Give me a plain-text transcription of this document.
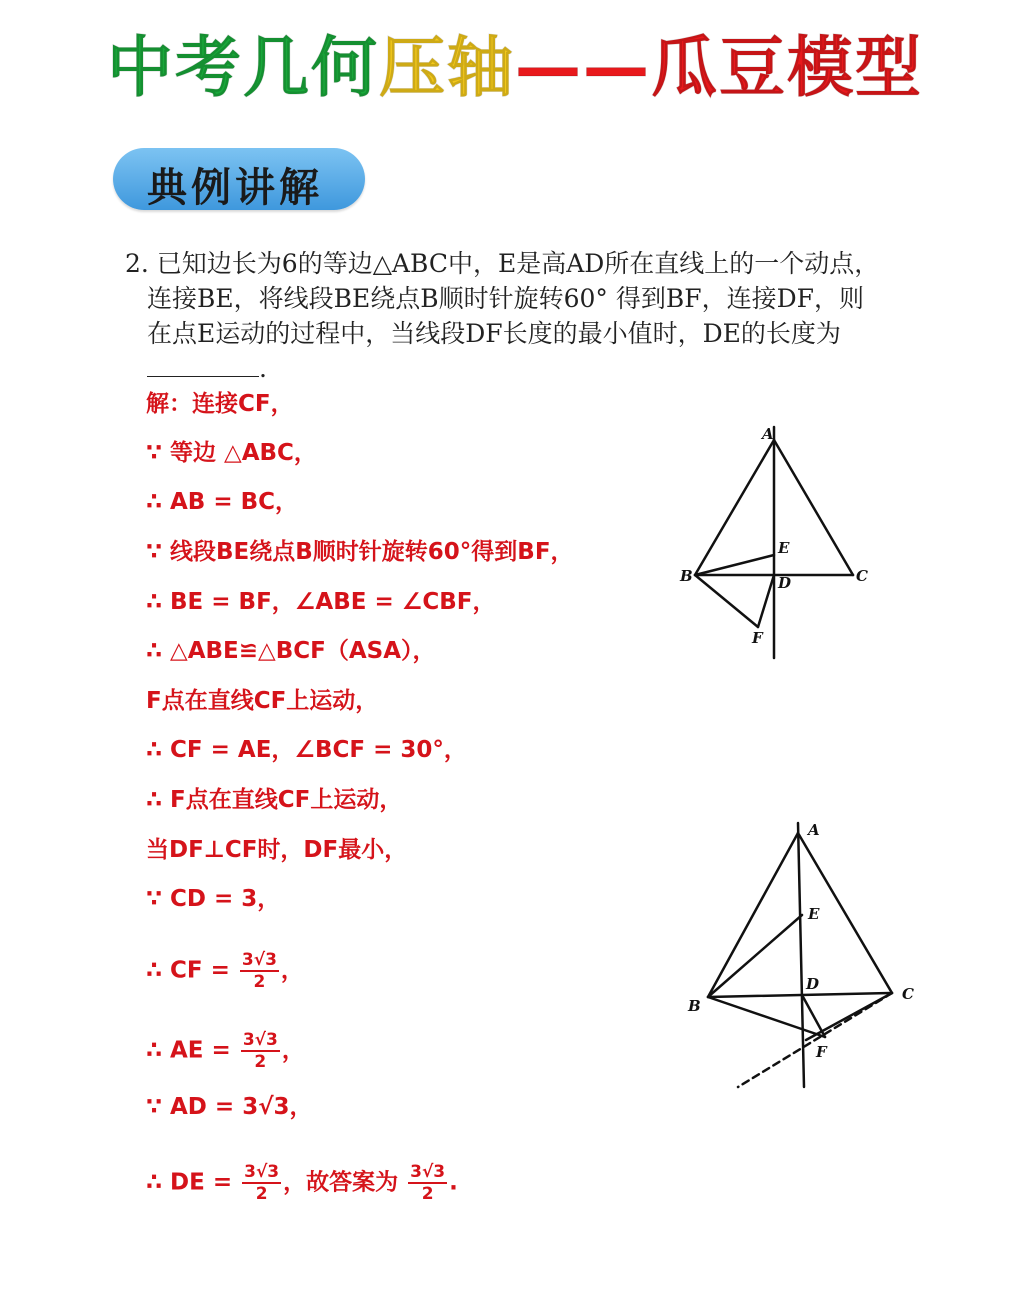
中考几何压轴——瓜豆模型
典例讲解
2. 已知边长为6的等边△ABC中，E是高AD所在直线上的一个动点，
连接BE，将线段BE绕点B顺时针旋转60° 得到BF，连接DF，则
在点E运动的过程中，当线段DF长度的最小值时，DE的长度为
.
解：连接CF，
∵ 等边 △ABC，
∴ AB = BC，
∵ 线段BE绕点B顺时针旋转60°得到BF，
∴ BE = BF，∠ABE = ∠CBF，
∴ △ABE≌△BCF（ASA），
F点在直线CF上运动，
∴ CF = AE，∠BCF = 30°，
∴ F点在直线CF上运动，
当DF⊥CF时，DF最小，
∵ CD = 3，
∴ CF = $\frac{3√3}{2}$ ，
∴ AE = $\frac{3√3}{2}$ ，
∵ AD = 3√3，
∴ DE = $\frac{3√3}{2}$ ，故答案为 $\frac{3√3}{2}$ .
A
B	C
D
E
F
A
B
C
D
E
F
